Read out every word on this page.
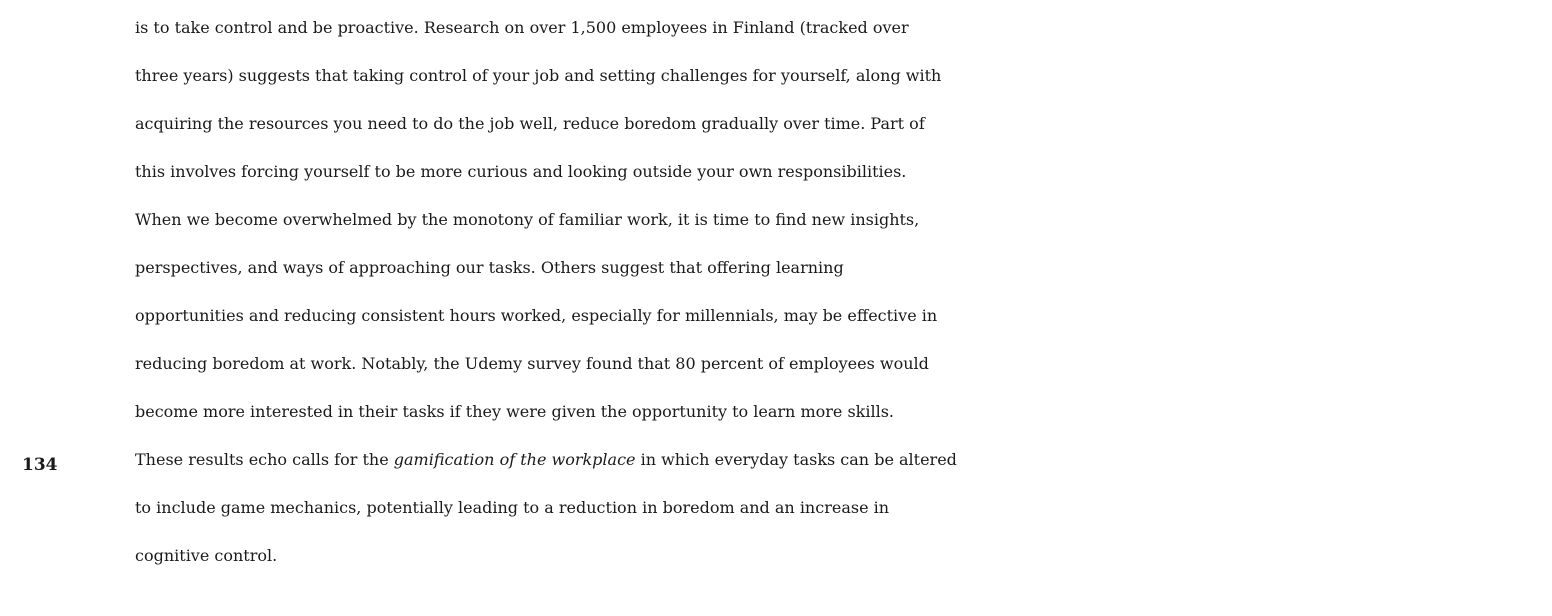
134
is to take control and be proactive. Research on over 1,500 employees in Finland (tracked over
three years) suggests that taking control of your job and setting challenges for yourself, along with
acquiring the resources you need to do the job well, reduce boredom gradually over time. Part of
this involves forcing yourself to be more curious and looking outside your own responsibilities.
When we become overwhelmed by the monotony of familiar work, it is time to find new insights,
perspectives, and ways of approaching our tasks. Others suggest that offering learning
opportunities and reducing consistent hours worked, especially for millennials, may be effective in
reducing boredom at work. Notably, the Udemy survey found that 80 percent of employees would
become more interested in their tasks if they were given the opportunity to learn more skills.
These results echo calls for the gamification of the workplace in which everyday tasks can be altered
to include game mechanics, potentially leading to a reduction in boredom and an increase in
cognitive control.
